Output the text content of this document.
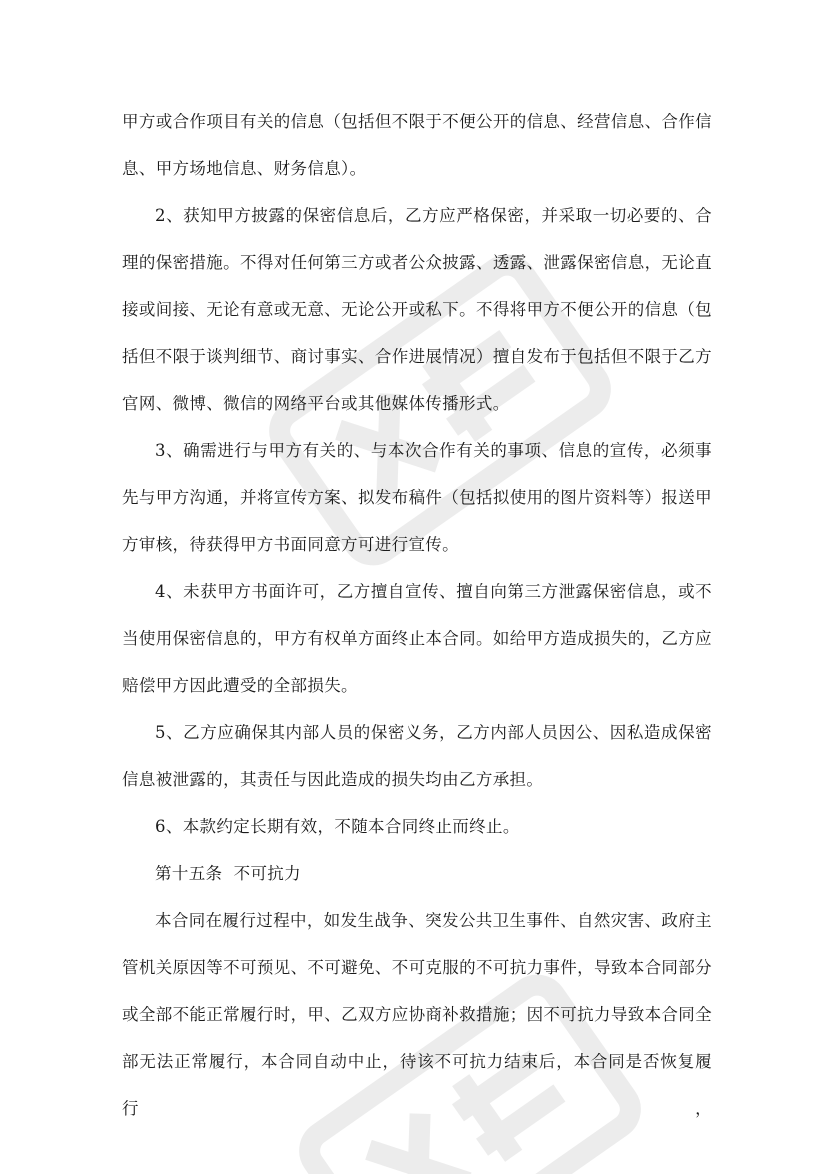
甲方或合作项目有关的信息（包括但不限于不便公开的信息、经营信息、合作信息、甲方场地信息、财务信息）。

2、获知甲方披露的保密信息后，乙方应严格保密，并采取一切必要的、合理的保密措施。不得对任何第三方或者公众披露、透露、泄露保密信息，无论直接或间接、无论有意或无意、无论公开或私下。不得将甲方不便公开的信息（包括但不限于谈判细节、商讨事实、合作进展情况）擅自发布于包括但不限于乙方官网、微博、微信的网络平台或其他媒体传播形式。

3、确需进行与甲方有关的、与本次合作有关的事项、信息的宣传，必须事先与甲方沟通，并将宣传方案、拟发布稿件（包括拟使用的图片资料等）报送甲方审核，待获得甲方书面同意方可进行宣传。

4、未获甲方书面许可，乙方擅自宣传、擅自向第三方泄露保密信息，或不当使用保密信息的，甲方有权单方面终止本合同。如给甲方造成损失的，乙方应赔偿甲方因此遭受的全部损失。

5、乙方应确保其内部人员的保密义务，乙方内部人员因公、因私造成保密信息被泄露的，其责任与因此造成的损失均由乙方承担。

6、本款约定长期有效，不随本合同终止而终止。

第十五条  不可抗力

本合同在履行过程中，如发生战争、突发公共卫生事件、自然灾害、政府主管机关原因等不可预见、不可避免、不可克服的不可抗力事件，导致本合同部分或全部不能正常履行时，甲、乙双方应协商补救措施；因不可抗力导致本合同全部无法正常履行，本合同自动中止，待该不可抗力结束后，本合同是否恢复履行，
